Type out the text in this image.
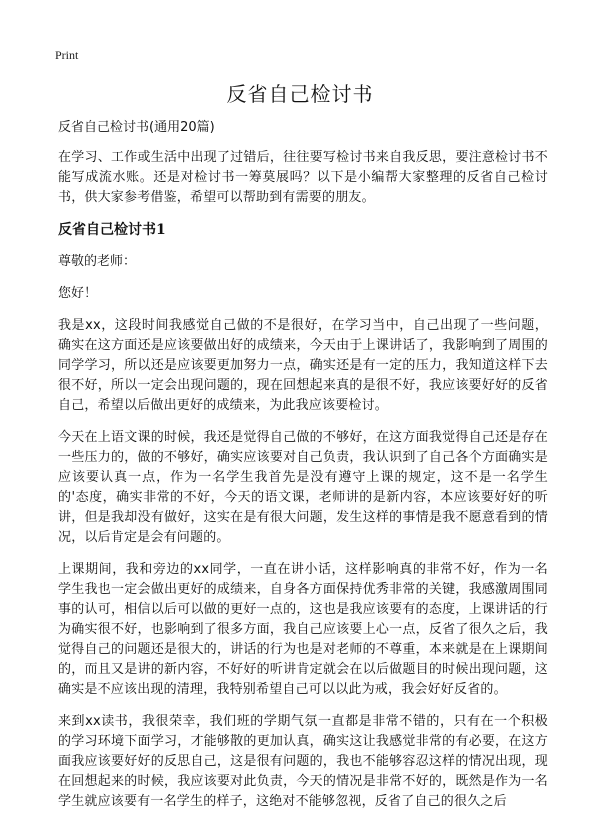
Print
反省自己检讨书
反省自己检讨书(通用20篇)

在学习、工作或生活中出现了过错后，往往要写检讨书来自我反思，要注意检讨书不能写成流水账。还是对检讨书一筹莫展吗？以下是小编帮大家整理的反省自己检讨书，供大家参考借鉴，希望可以帮助到有需要的朋友。

反省自己检讨书1
尊敬的老师：
您好！

我是xx，这段时间我感觉自己做的不是很好，在学习当中，自己出现了一些问题，确实在这方面还是应该要做出好的成绩来，今天由于上课讲话了，我影响到了周围的同学学习，所以还是应该要更加努力一点，确实还是有一定的压力，我知道这样下去很不好，所以一定会出现问题的，现在回想起来真的是很不好，我应该要好好的反省自己，希望以后做出更好的成绩来，为此我应该要检讨。

今天在上语文课的时候，我还是觉得自己做的不够好，在这方面我觉得自己还是存在一些压力的，做的不够好，确实应该要对自己负责，我认识到了自己各个方面确实是应该要认真一点，作为一名学生我首先是没有遵守上课的规定，这不是一名学生的'态度，确实非常的不好，今天的语文课，老师讲的是新内容，本应该要好好的听讲，但是我却没有做好，这实在是有很大问题，发生这样的事情是我不愿意看到的情况，以后肯定是会有问题的。

上课期间，我和旁边的xx同学，一直在讲小话，这样影响真的非常不好，作为一名学生我也一定会做出更好的成绩来，自身各方面保持优秀非常的关键，我感激周围同事的认可，相信以后可以做的更好一点的，这也是我应该要有的态度，上课讲话的行为确实很不好，也影响到了很多方面，我自己应该要上心一点，反省了很久之后，我觉得自己的问题还是很大的，讲话的行为也是对老师的不尊重，本来就是在上课期间的，而且又是讲的新内容，不好好的听讲肯定就会在以后做题目的时候出现问题，这确实是不应该出现的清理，我特别希望自己可以以此为戒，我会好好反省的。

来到xx读书，我很荣幸，我们班的学期气氛一直都是非常不错的，只有在一个积极的学习环境下面学习，才能够散的更加认真，确实这让我感觉非常的有必要，在这方面我应该要好好的反思自己，这是很有问题的，我也不能够容忍这样的情况出现，现在回想起来的时候，我应该要对此负责，今天的情况是非常不好的，既然是作为一名学生就应该要有一名学生的样子，这绝对不能够忽视，反省了自己的很久之后
